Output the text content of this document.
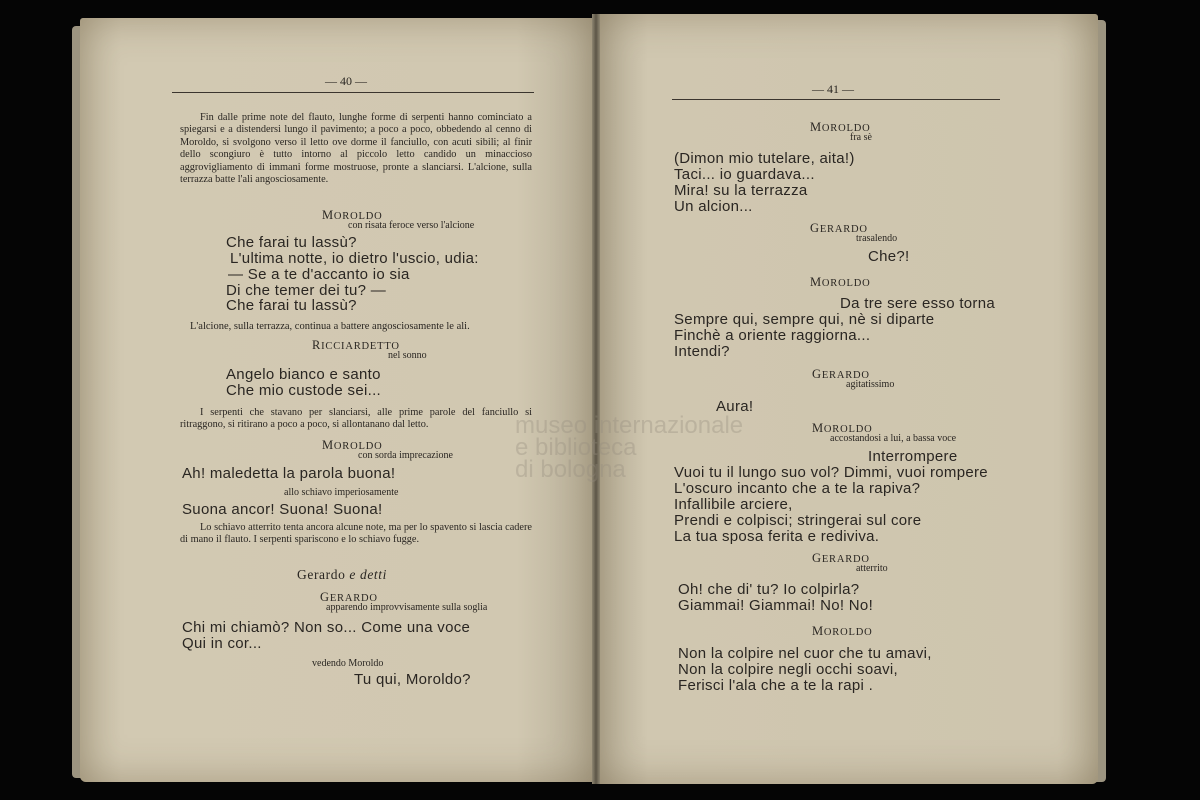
— 40 —
Fin dalle prime note del flauto, lunghe forme di serpenti hanno cominciato a spiegarsi e a distendersi lungo il pavimento; a poco a poco, obbedendo al cenno di Moroldo, si svolgono verso il letto ove dorme il fanciullo, con acuti sibili; al finir dello scongiuro è tutto intorno al piccolo letto candido un minaccioso aggrovigliamento di immani forme mostruose, pronte a slanciarsi. L'alcione, sulla terrazza batte l'ali angosciosamente.
MOROLDO
con risata feroce verso l'alcione
Che farai tu lassù?
L'ultima notte, io dietro l'uscio, udia:
— Se a te d'accanto io sia
Di che temer dei tu? —
Che farai tu lassù?
L'alcione, sulla terrazza, continua a battere angosciosamente le ali.
RICCIARDETTO
nel sonno
Angelo bianco e santo
Che mio custode sei...
I serpenti che stavano per slanciarsi, alle prime parole del fanciullo si ritraggono, si ritirano a poco a poco, si allontanano dal letto.
MOROLDO
con sorda imprecazione
Ah! maledetta la parola buona!
allo schiavo imperiosamente
Suona ancor! Suona! Suona!
Lo schiavo atterrito tenta ancora alcune note, ma per lo spavento si lascia cadere di mano il flauto. I serpenti spariscono e lo schiavo fugge.
Gerardo e detti
GERARDO
apparendo improvvisamente sulla soglia
Chi mi chiamò? Non so... Come una voce
Qui in cor...
vedendo Moroldo
Tu qui, Moroldo?
— 41 —
MOROLDO
fra sè
(Dimon mio tutelare, aita!)
Taci... io guardava...
Mira! su la terrazza
Un alcion...
GERARDO
trasalendo
Che?!
MOROLDO
Da tre sere esso torna
Sempre qui, sempre qui, nè si diparte
Finchè a oriente raggiorna...
Intendi?
GERARDO
agitatissimo
Aura!
MOROLDO
accostandosi a lui, a bassa voce
Interrompere
Vuoi tu il lungo suo vol? Dimmi, vuoi rompere
L'oscuro incanto che a te la rapiva?
Infallibile arciere,
Prendi e colpisci; stringerai sul core
La tua sposa ferita e rediviva.
GERARDO
atterrito
Oh! che di' tu? Io colpirla?
Giammai! Giammai! No! No!
MOROLDO
Non la colpire nel cuor che tu amavi,
Non la colpire negli occhi soavi,
Ferisci l'ala che a te la rapi .
museo internazionale
e biblioteca
di bologna
